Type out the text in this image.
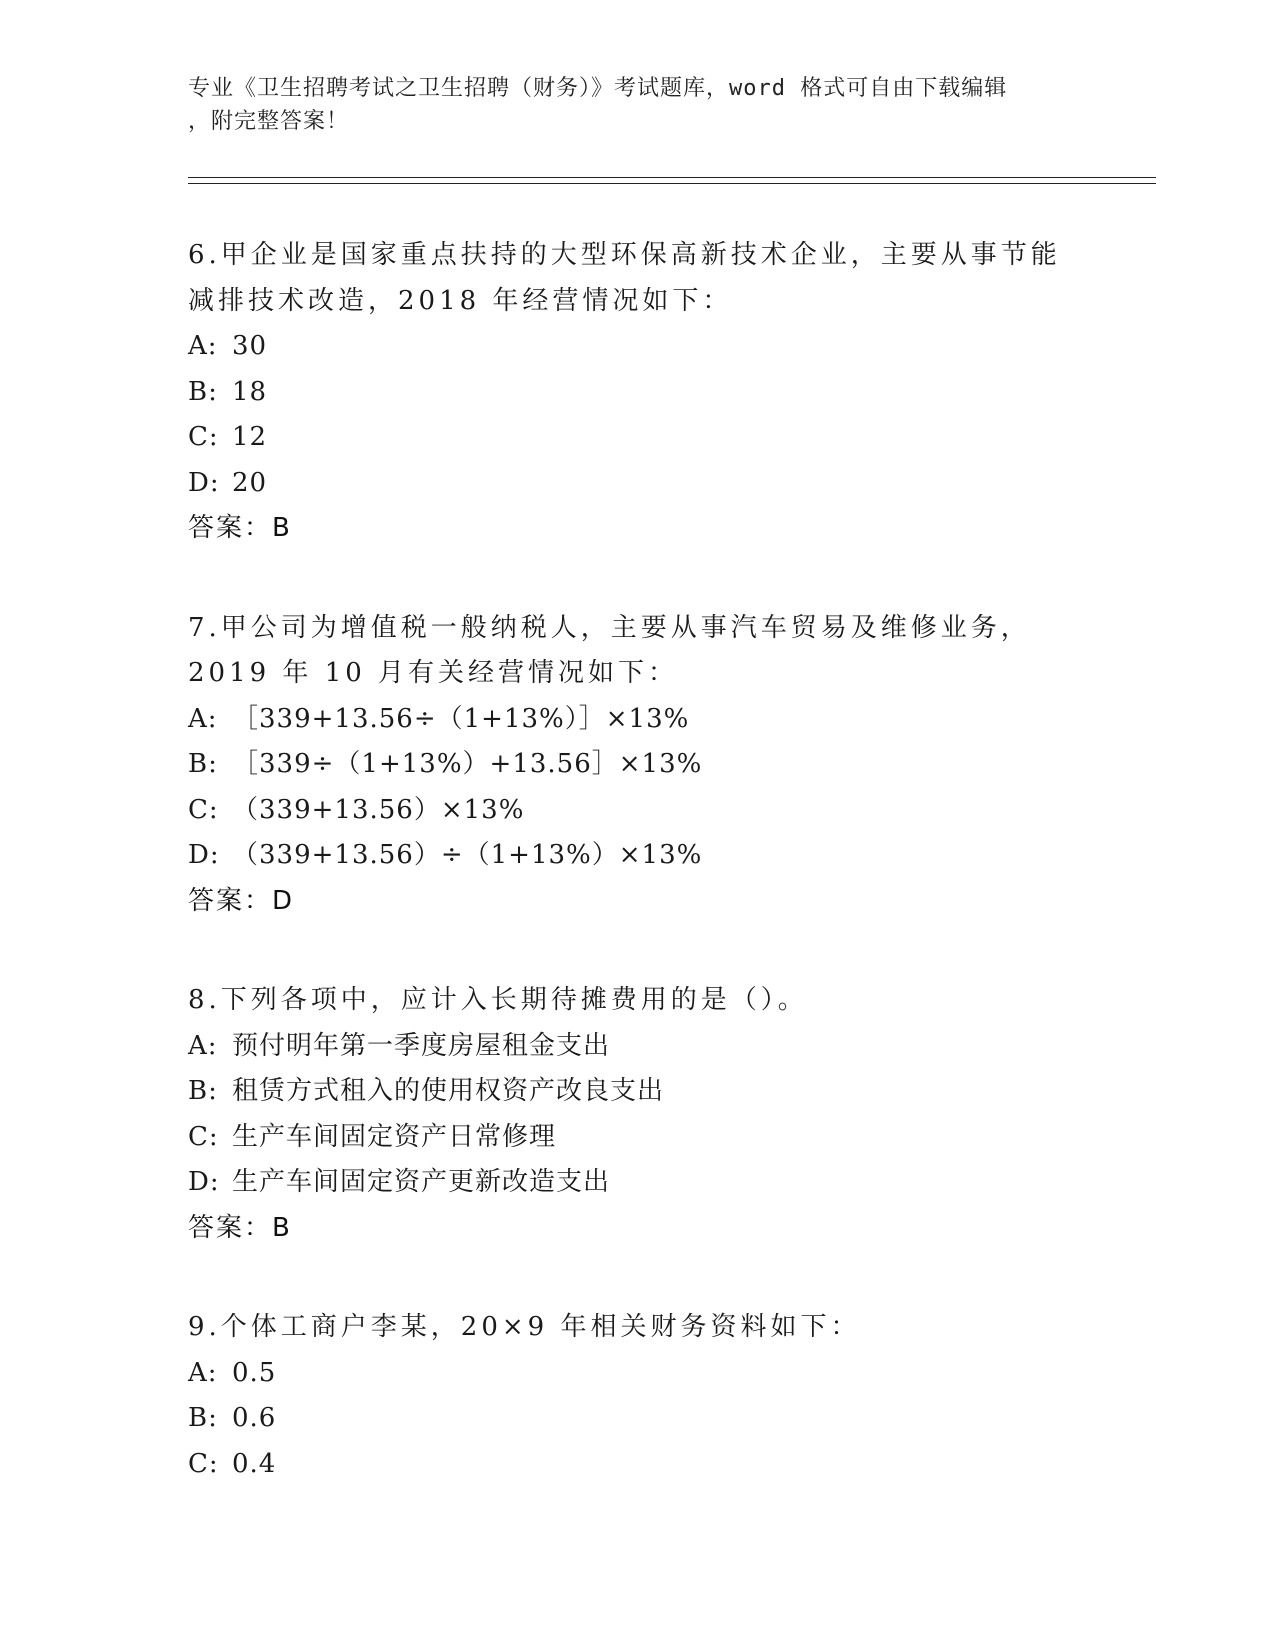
专业《卫生招聘考试之卫生招聘（财务）》考试题库，word 格式可自由下载编辑
，附完整答案！

6.甲企业是国家重点扶持的大型环保高新技术企业，主要从事节能减排技术改造，2018 年经营情况如下：

A: 30

B: 18

C: 12

D: 20

答案：B

7.甲公司为增值税一般纳税人，主要从事汽车贸易及维修业务，2019 年 10 月有关经营情况如下：

A: ［339+13.56÷（1+13%）］×13%

B: ［339÷（1+13%）+13.56］×13%

C: （339+13.56）×13%

D: （339+13.56）÷（1+13%）×13%

答案：D

8.下列各项中，应计入长期待摊费用的是（）。

A: 预付明年第一季度房屋租金支出

B: 租赁方式租入的使用权资产改良支出

C: 生产车间固定资产日常修理

D: 生产车间固定资产更新改造支出

答案：B

9.个体工商户李某，20×9 年相关财务资料如下：

A: 0.5

B: 0.6

C: 0.4
